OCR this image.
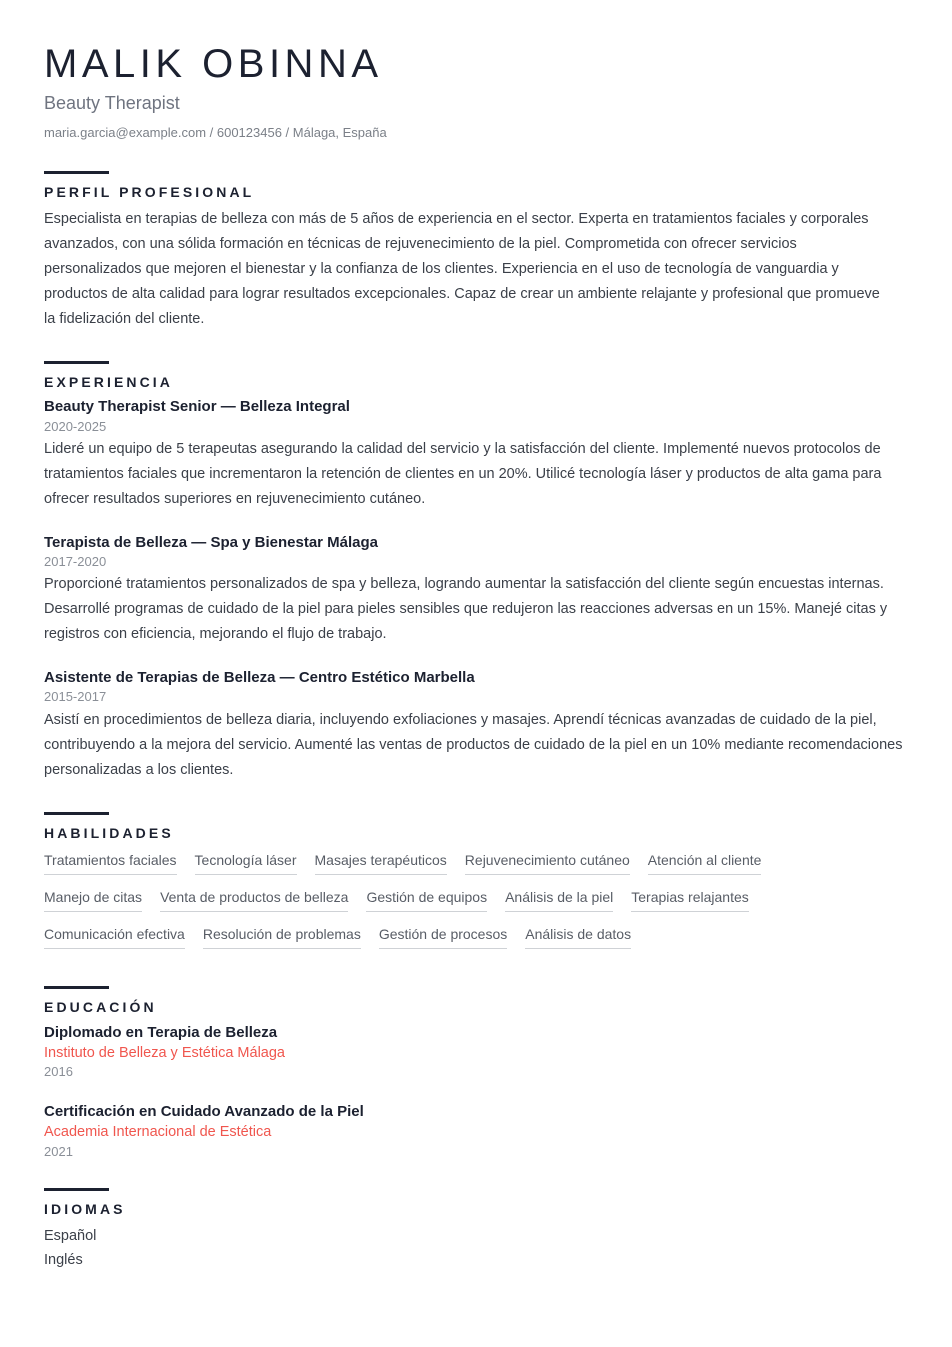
MALIK OBINNA
Beauty Therapist
maria.garcia@example.com / 600123456 / Málaga, España
PERFIL PROFESIONAL

Especialista en terapias de belleza con más de 5 años de experiencia en el sector. Experta en tratamientos faciales y corporales avanzados, con una sólida formación en técnicas de rejuvenecimiento de la piel. Comprometida con ofrecer servicios personalizados que mejoren el bienestar y la confianza de los clientes. Experiencia en el uso de tecnología de vanguardia y productos de alta calidad para lograr resultados excepcionales. Capaz de crear un ambiente relajante y profesional que promueve la fidelización del cliente.

EXPERIENCIA
Beauty Therapist Senior — Belleza Integral
2020-2025

Lideré un equipo de 5 terapeutas asegurando la calidad del servicio y la satisfacción del cliente. Implementé nuevos protocolos de tratamientos faciales que incrementaron la retención de clientes en un 20%. Utilicé tecnología láser y productos de alta gama para ofrecer resultados superiores en rejuvenecimiento cutáneo.

Terapista de Belleza — Spa y Bienestar Málaga
2017-2020

Proporcioné tratamientos personalizados de spa y belleza, logrando aumentar la satisfacción del cliente según encuestas internas. Desarrollé programas de cuidado de la piel para pieles sensibles que redujeron las reacciones adversas en un 15%. Manejé citas y registros con eficiencia, mejorando el flujo de trabajo.

Asistente de Terapias de Belleza — Centro Estético Marbella
2015-2017

Asistí en procedimientos de belleza diaria, incluyendo exfoliaciones y masajes. Aprendí técnicas avanzadas de cuidado de la piel, contribuyendo a la mejora del servicio. Aumenté las ventas de productos de cuidado de la piel en un 10% mediante recomendaciones personalizadas a los clientes.

HABILIDADES
Tratamientos faciales Tecnología láser Masajes terapéuticos Rejuvenecimiento cutáneo Atención al cliente
Manejo de citas Venta de productos de belleza Gestión de equipos Análisis de la piel Terapias relajantes
Comunicación efectiva Resolución de problemas Gestión de procesos Análisis de datos
EDUCACIÓN
Diplomado en Terapia de Belleza
Instituto de Belleza y Estética Málaga
2016
Certificación en Cuidado Avanzado de la Piel
Academia Internacional de Estética
2021
IDIOMAS
Español
Inglés
